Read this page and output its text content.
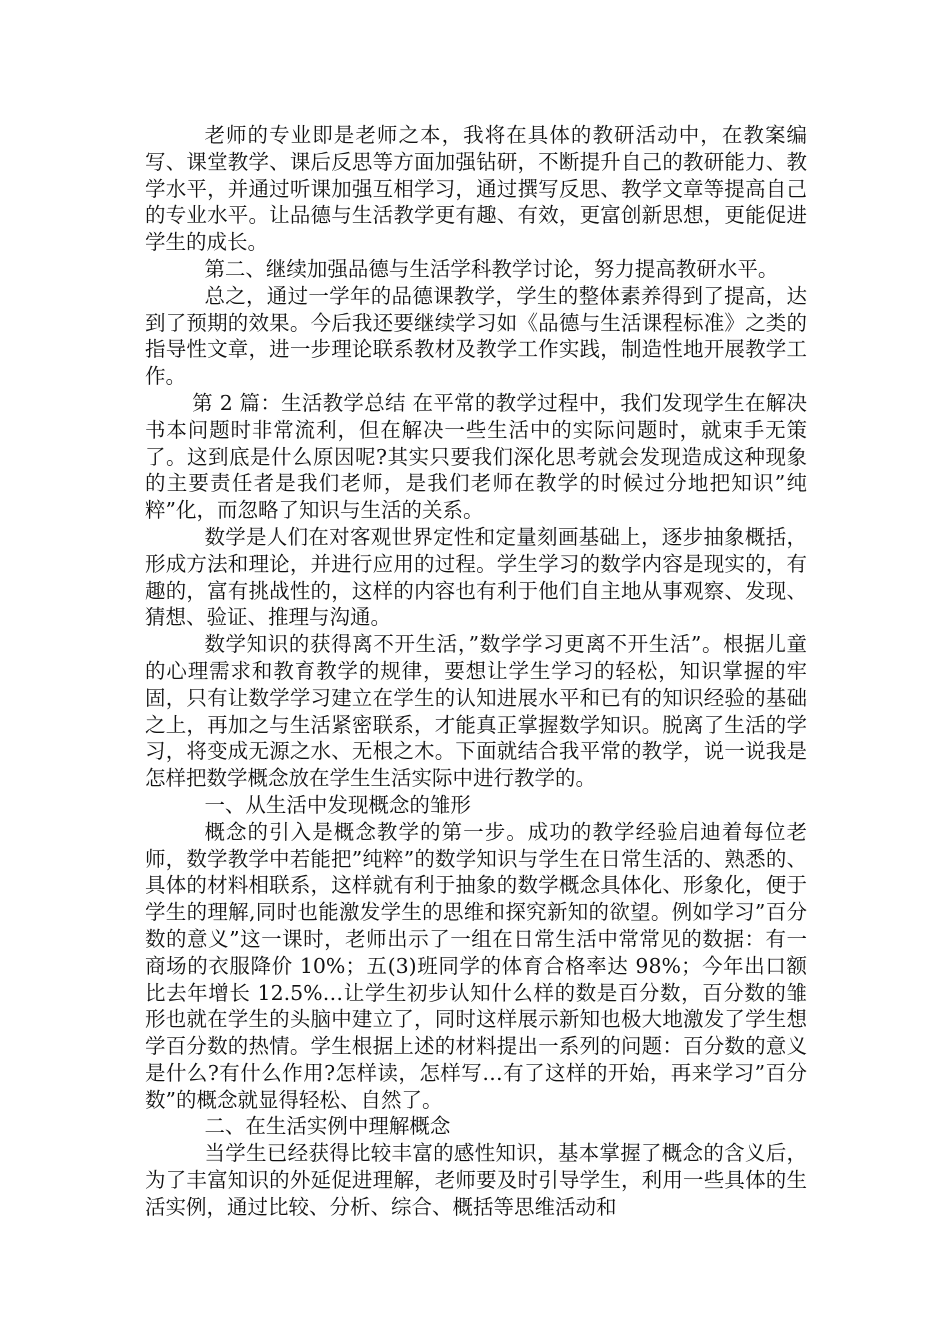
老师的专业即是老师之本，我将在具体的教研活动中，在教案编写、课堂教学、课后反思等方面加强钻研，不断提升自己的教研能力、教学水平，并通过听课加强互相学习，通过撰写反思、教学文章等提高自己的专业水平。让品德与生活教学更有趣、有效，更富创新思想，更能促进学生的成长。

第二、继续加强品德与生活学科教学讨论，努力提高教研水平。

总之，通过一学年的品德课教学，学生的整体素养得到了提高，达到了预期的效果。今后我还要继续学习如《品德与生活课程标准》之类的指导性文章，进一步理论联系教材及教学工作实践，制造性地开展教学工作。

第 2 篇：生活教学总结 在平常的教学过程中，我们发现学生在解决书本问题时非常流利，但在解决一些生活中的实际问题时，就束手无策了。这到底是什么原因呢?其实只要我们深化思考就会发现造成这种现象的主要责任者是我们老师，是我们老师在教学的时候过分地把知识”纯粹”化，而忽略了知识与生活的关系。

数学是人们在对客观世界定性和定量刻画基础上，逐步抽象概括，形成方法和理论，并进行应用的过程。学生学习的数学内容是现实的，有趣的，富有挑战性的，这样的内容也有利于他们自主地从事观察、发现、猜想、验证、推理与沟通。

数学知识的获得离不开生活，”数学学习更离不开生活”。根据儿童的心理需求和教育教学的规律，要想让学生学习的轻松，知识掌握的牢固，只有让数学学习建立在学生的认知进展水平和已有的知识经验的基础之上，再加之与生活紧密联系，才能真正掌握数学知识。脱离了生活的学习，将变成无源之水、无根之木。下面就结合我平常的教学，说一说我是怎样把数学概念放在学生生活实际中进行教学的。

一、从生活中发现概念的雏形

概念的引入是概念教学的第一步。成功的教学经验启迪着每位老师，数学教学中若能把”纯粹”的数学知识与学生在日常生活的、熟悉的、具体的材料相联系，这样就有利于抽象的数学概念具体化、形象化，便于学生的理解,同时也能激发学生的思维和探究新知的欲望。例如学习”百分数的意义”这一课时，老师出示了一组在日常生活中常常见的数据：有一商场的衣服降价 10%；五(3)班同学的体育合格率达 98%；今年出口额比去年增长 12.5%…让学生初步认知什么样的数是百分数，百分数的雏形也就在学生的头脑中建立了，同时这样展示新知也极大地激发了学生想学百分数的热情。学生根据上述的材料提出一系列的问题：百分数的意义是什么?有什么作用?怎样读，怎样写…有了这样的开始，再来学习”百分数”的概念就显得轻松、自然了。

二、在生活实例中理解概念

当学生已经获得比较丰富的感性知识，基本掌握了概念的含义后，为了丰富知识的外延促进理解，老师要及时引导学生，利用一些具体的生活实例，通过比较、分析、综合、概括等思维活动和
